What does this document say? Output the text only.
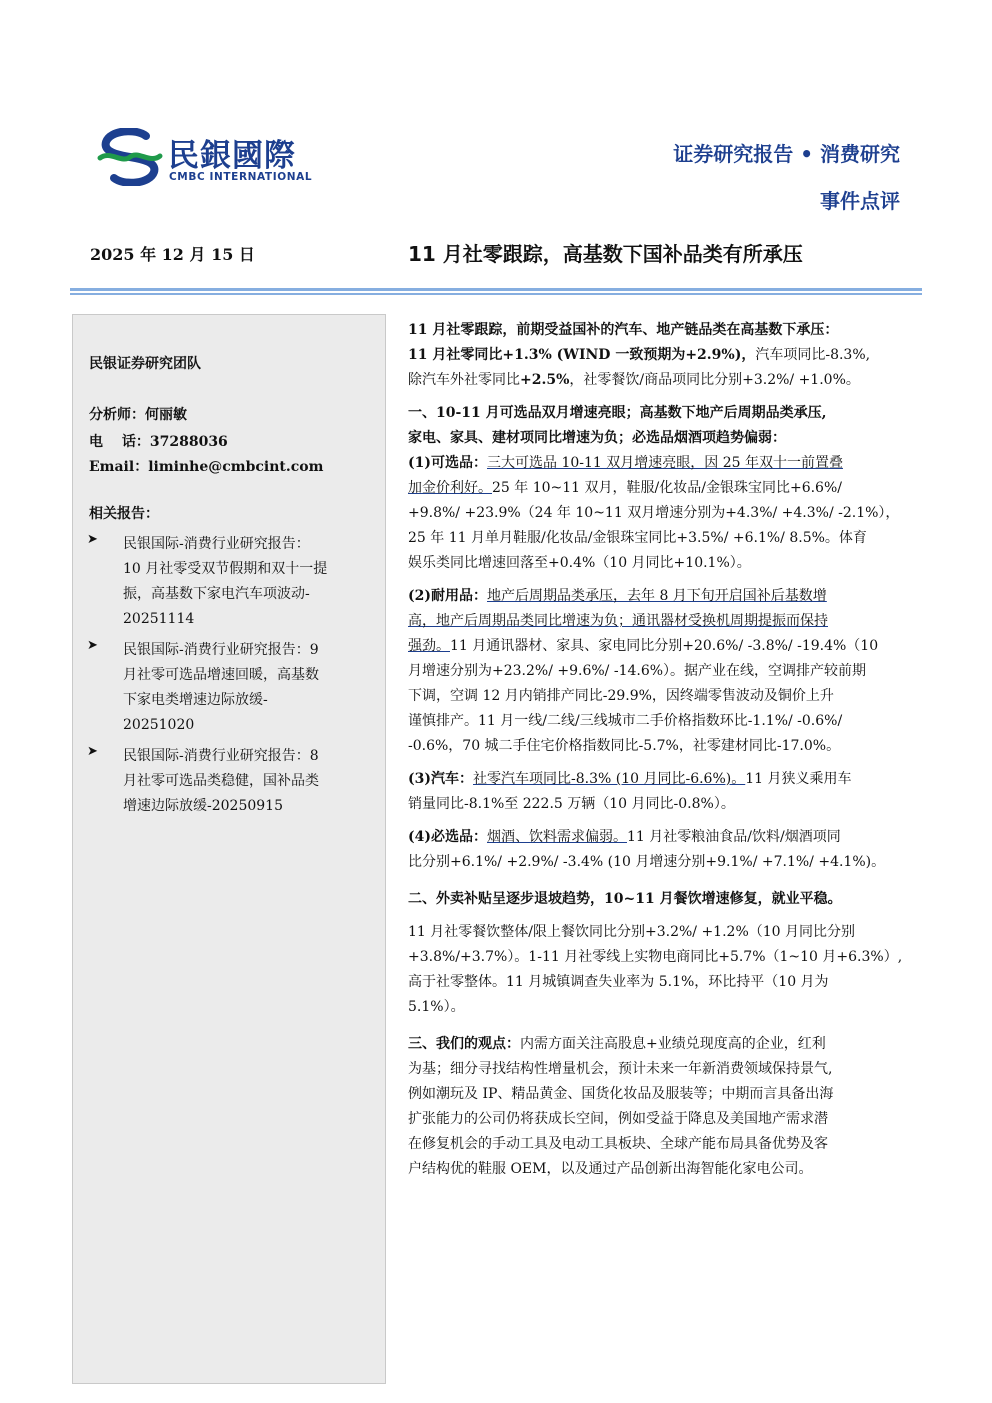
民銀國際
CMBC INTERNATIONAL
证券研究报告 • 消费研究
事件点评
2025 年 12 月 15 日	11 月社零跟踪，高基数下国补品类有所承压
民银证券研究团队
分析师：何丽敏
电　 话：37288036
Email：liminhe@cmbcint.com
相关报告：
➤ 民银国际-消费行业研究报告：
10 月社零受双节假期和双十一提
振，高基数下家电汽车项波动-
20251114
➤ 民银国际-消费行业研究报告：9
月社零可选品增速回暖，高基数
下家电类增速边际放缓-
20251020
➤ 民银国际-消费行业研究报告：8
月社零可选品类稳健，国补品类
增速边际放缓-20250915
11 月社零跟踪，前期受益国补的汽车、地产链品类在高基数下承压：
11 月社零同比+1.3% (WIND 一致预期为+2.9%)，汽车项同比-8.3%,
除汽车外社零同比+2.5%，社零餐饮/商品项同比分别+3.2%/ +1.0%。
一、10-11 月可选品双月增速亮眼；高基数下地产后周期品类承压,
家电、家具、建材项同比增速为负；必选品烟酒项趋势偏弱：
(1)可选品：三大可选品 10-11 双月增速亮眼，因 25 年双十一前置叠
加金价利好。25 年 10~11 双月，鞋服/化妆品/金银珠宝同比+6.6%/
+9.8%/ +23.9%（24 年 10~11 双月增速分别为+4.3%/ +4.3%/ -2.1%），
25 年 11 月单月鞋服/化妆品/金银珠宝同比+3.5%/ +6.1%/ 8.5%。体育
娱乐类同比增速回落至+0.4%（10 月同比+10.1%）。
(2)耐用品：地产后周期品类承压，去年 8 月下旬开启国补后基数增
高，地产后周期品类同比增速为负；通讯器材受换机周期提振而保持
强劲。11 月通讯器材、家具、家电同比分别+20.6%/ -3.8%/ -19.4%（10
月增速分别为+23.2%/ +9.6%/ -14.6%）。据产业在线，空调排产较前期
下调，空调 12 月内销排产同比-29.9%，因终端零售波动及铜价上升
谨慎排产。11 月一线/二线/三线城市二手价格指数环比-1.1%/ -0.6%/
-0.6%，70 城二手住宅价格指数同比-5.7%，社零建材同比-17.0%。
(3)汽车：社零汽车项同比-8.3% (10 月同比-6.6%)。11 月狭义乘用车
销量同比-8.1%至 222.5 万辆（10 月同比-0.8%）。
(4)必选品：烟酒、饮料需求偏弱。11 月社零粮油食品/饮料/烟酒项同
比分别+6.1%/ +2.9%/ -3.4% (10 月增速分别+9.1%/ +7.1%/ +4.1%)。
二、外卖补贴呈逐步退坡趋势，10~11 月餐饮增速修复，就业平稳。
11 月社零餐饮整体/限上餐饮同比分别+3.2%/ +1.2%（10 月同比分别
+3.8%/+3.7%）。1-11 月社零线上实物电商同比+5.7%（1~10 月+6.3%）,
高于社零整体。11 月城镇调查失业率为 5.1%，环比持平（10 月为
5.1%）。
三、我们的观点：内需方面关注高股息+业绩兑现度高的企业，红利
为基；细分寻找结构性增量机会，预计未来一年新消费领域保持景气,
例如潮玩及 IP、精品黄金、国货化妆品及服装等；中期而言具备出海
扩张能力的公司仍将获成长空间，例如受益于降息及美国地产需求潜
在修复机会的手动工具及电动工具板块、全球产能布局具备优势及客
户结构优的鞋服 OEM，以及通过产品创新出海智能化家电公司。
